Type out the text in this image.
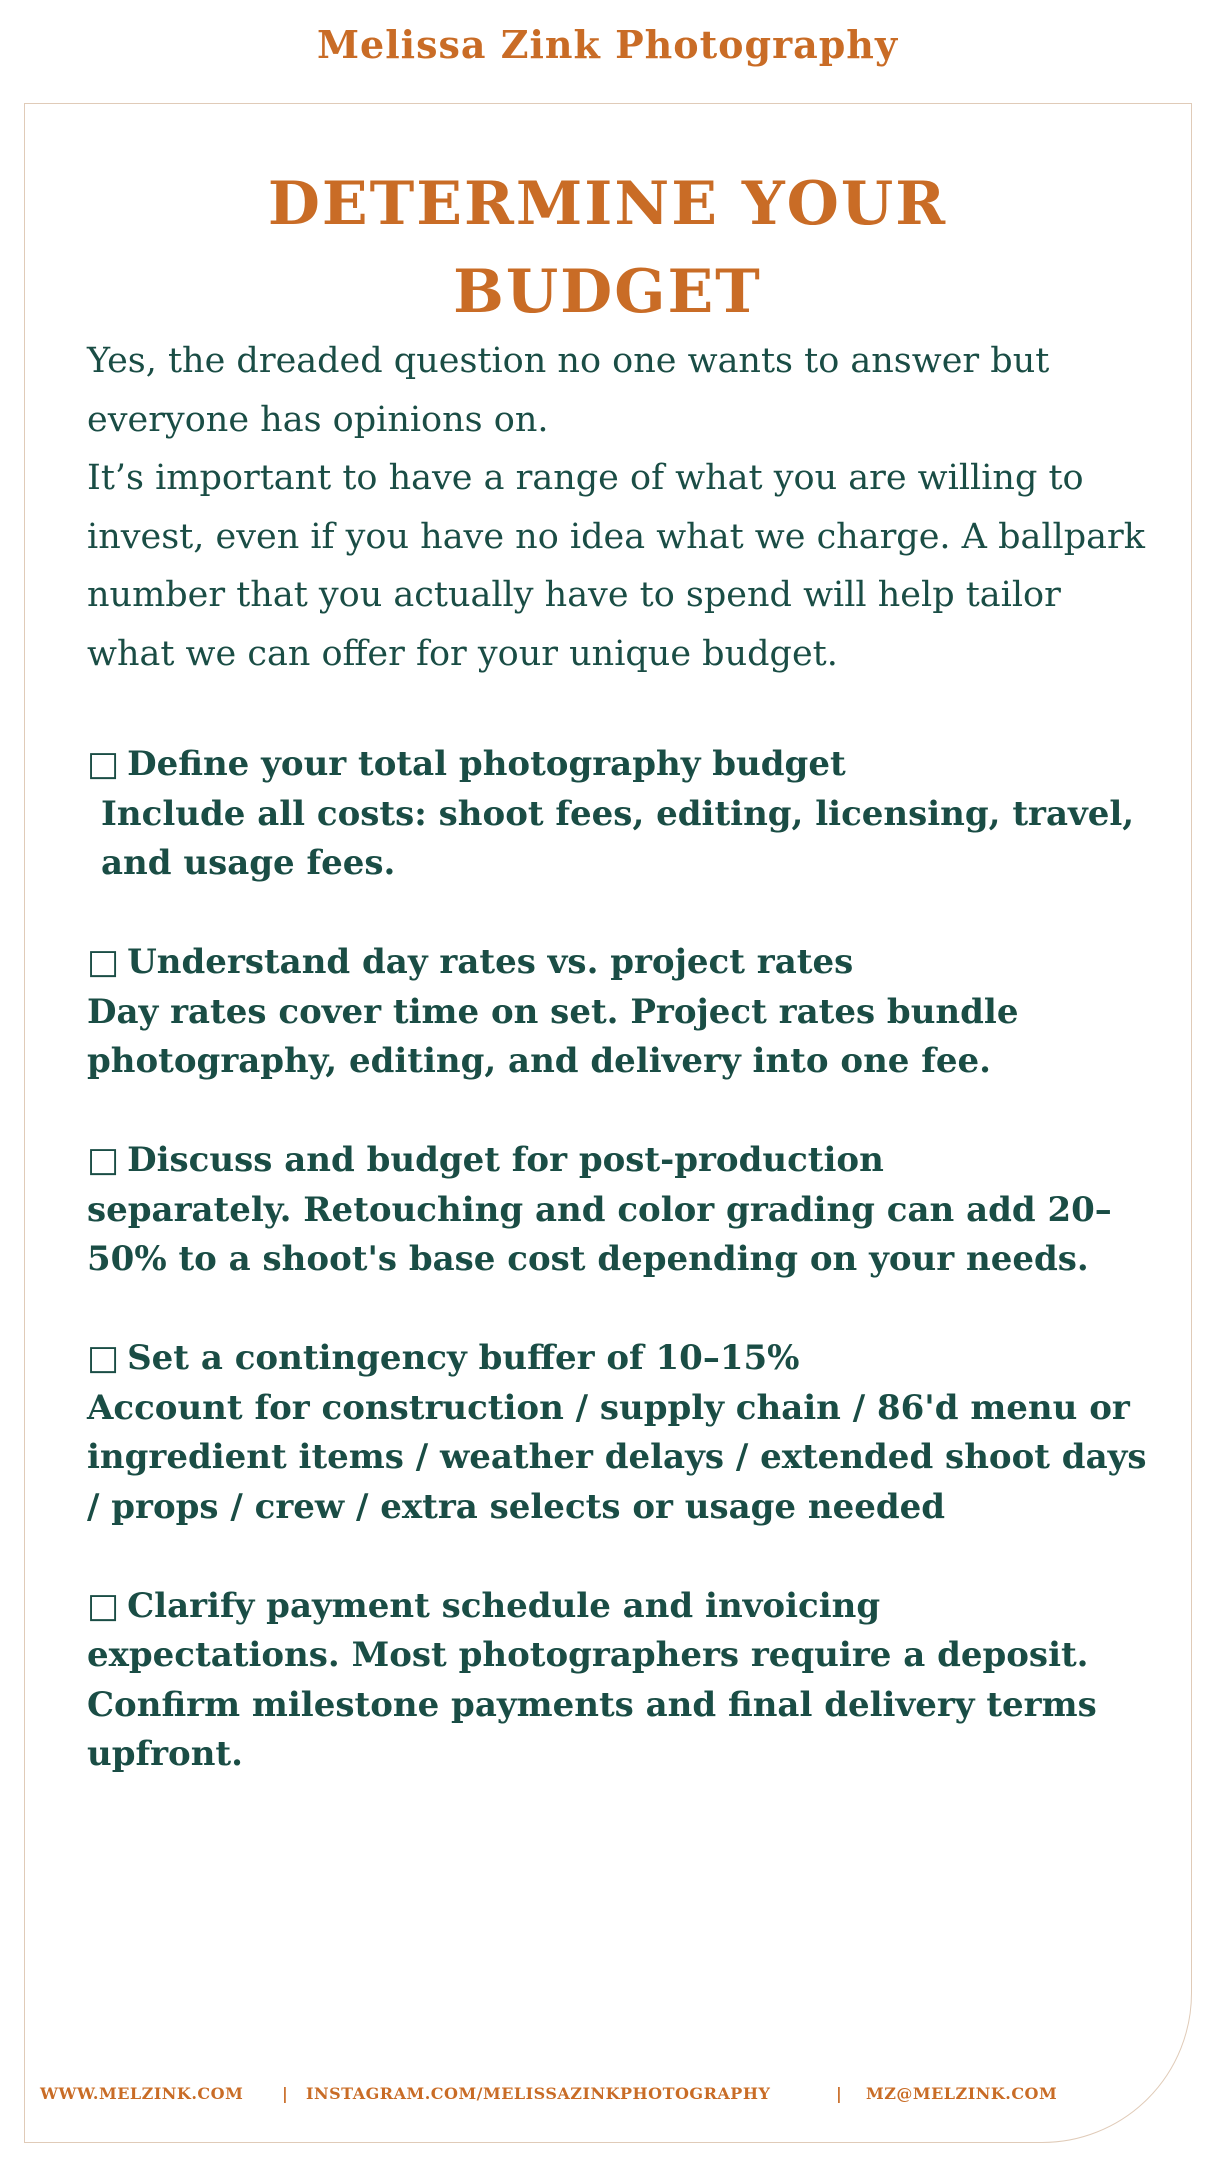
Melissa Zink Photography
DETERMINE YOUR
BUDGET

Yes, the dreaded question no one wants to answer but everyone has opinions on.

It’s important to have a range of what you are willing to invest, even if you have no idea what we charge. A ballpark number that you actually have to spend will help tailor what we can offer for your unique budget.

□ Define your total photography budget
Include all costs: shoot fees, editing, licensing, travel, and usage fees.
□ Understand day rates vs. project rates
Day rates cover time on set. Project rates bundle photography, editing, and delivery into one fee.
□ Discuss and budget for post-production
separately. Retouching and color grading can add 20–50% to a shoot's base cost depending on your needs.
□ Set a contingency buffer of 10–15%
Account for construction / supply chain / 86'd menu or ingredient items / weather delays / extended shoot days / props / crew / extra selects or usage needed
□ Clarify payment schedule and invoicing
expectations. Most photographers require a deposit. Confirm milestone payments and final delivery terms upfront.
WWW.MELZINK.COM | INSTAGRAM.COM/MELISSAZINKPHOTOGRAPHY	| MZ@MELZINK.COM
